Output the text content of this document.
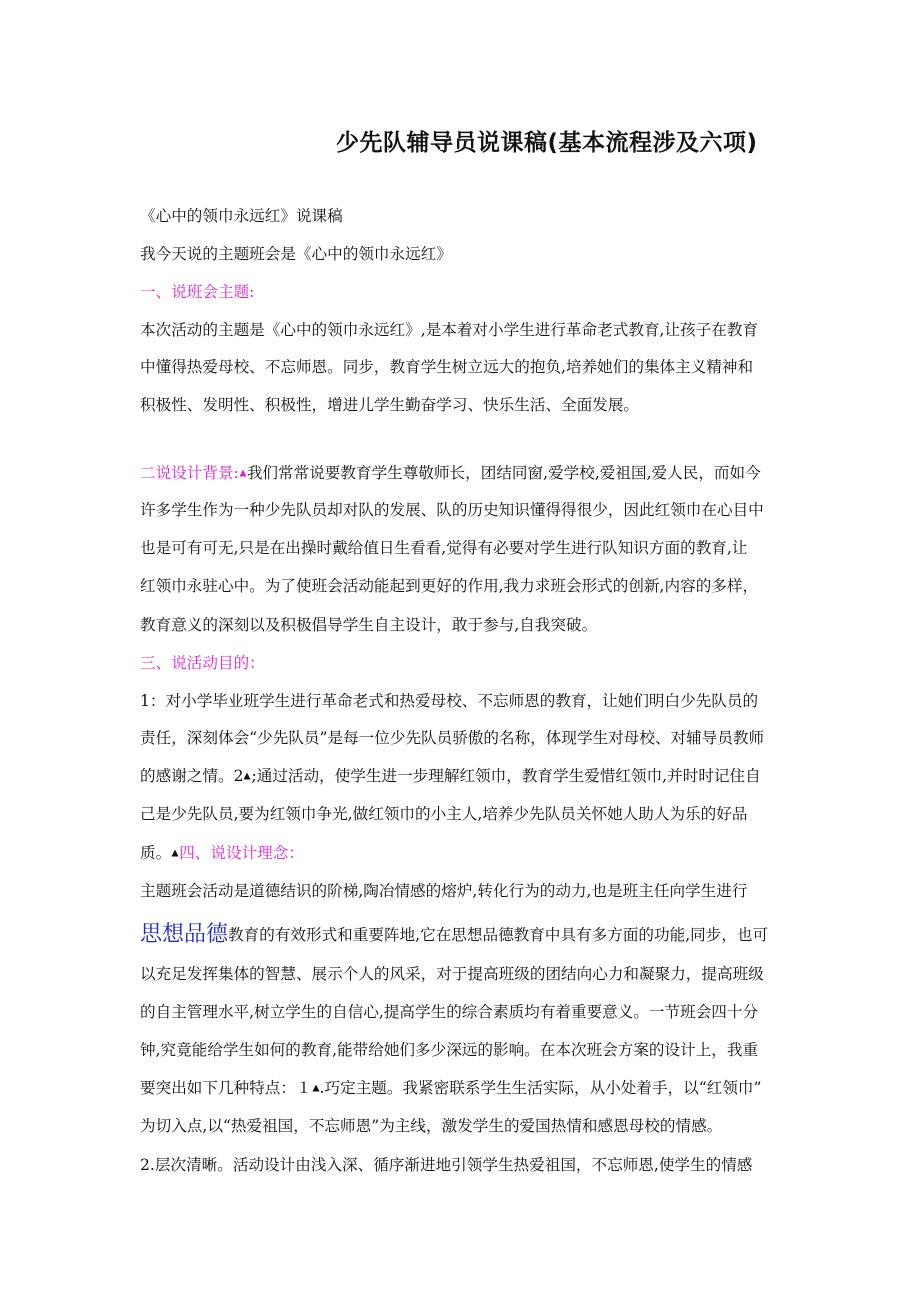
少先队辅导员说课稿(基本流程涉及六项)
《心中的领巾永远红》说课稿
我今天说的主题班会是《心中的领巾永远红》
一、说班会主题:
本次活动的主题是《心中的领巾永远红》,是本着对小学生进行革命老式教育,让孩子在教育
中懂得热爱母校、不忘师恩。同步，教育学生树立远大的抱负,培养她们的集体主义精神和
积极性、发明性、积极性，增进儿学生勤奋学习、快乐生活、全面发展。
二说设计背景: 我们常常说要教育学生尊敬师长，团结同窗,爱学校,爱祖国,爱人民，而如今
许多学生作为一种少先队员却对队的发展、队的历史知识懂得得很少，因此红领巾在心目中
也是可有可无,只是在出操时戴给值日生看看,觉得有必要对学生进行队知识方面的教育,让
红领巾永驻心中。为了使班会活动能起到更好的作用,我力求班会形式的创新,内容的多样，
教育意义的深刻以及积极倡导学生自主设计，敢于参与,自我突破。
三、说活动目的：
1：对小学毕业班学生进行革命老式和热爱母校、不忘师恩的教育，让她们明白少先队员的
责任，深刻体会“少先队员”是每一位少先队员骄傲的名称，体现学生对母校、对辅导员教师
的感谢之情。2 ;通过活动，使学生进一步理解红领巾，教育学生爱惜红领巾,并时时记住自
己是少先队员,要为红领巾争光,做红领巾的小主人,培养少先队员关怀她人助人为乐的好品
质。 四、说设计理念：
主题班会活动是道德结识的阶梯,陶冶情感的熔炉,转化行为的动力,也是班主任向学生进行
思想品德教育的有效形式和重要阵地,它在思想品德教育中具有多方面的功能,同步，也可
以充足发挥集体的智慧、展示个人的风采，对于提高班级的团结向心力和凝聚力，提高班级
的自主管理水平,树立学生的自信心,提高学生的综合素质均有着重要意义。一节班会四十分
钟,究竟能给学生如何的教育,能带给她们多少深远的影响。在本次班会方案的设计上，我重
要突出如下几种特点：１ .巧定主题。我紧密联系学生生活实际，从小处着手，以“红领巾”
为切入点,以“热爱祖国，不忘师恩”为主线，激发学生的爱国热情和感恩母校的情感。
2.层次清晰。活动设计由浅入深、循序渐进地引领学生热爱祖国，不忘师恩,使学生的情感
